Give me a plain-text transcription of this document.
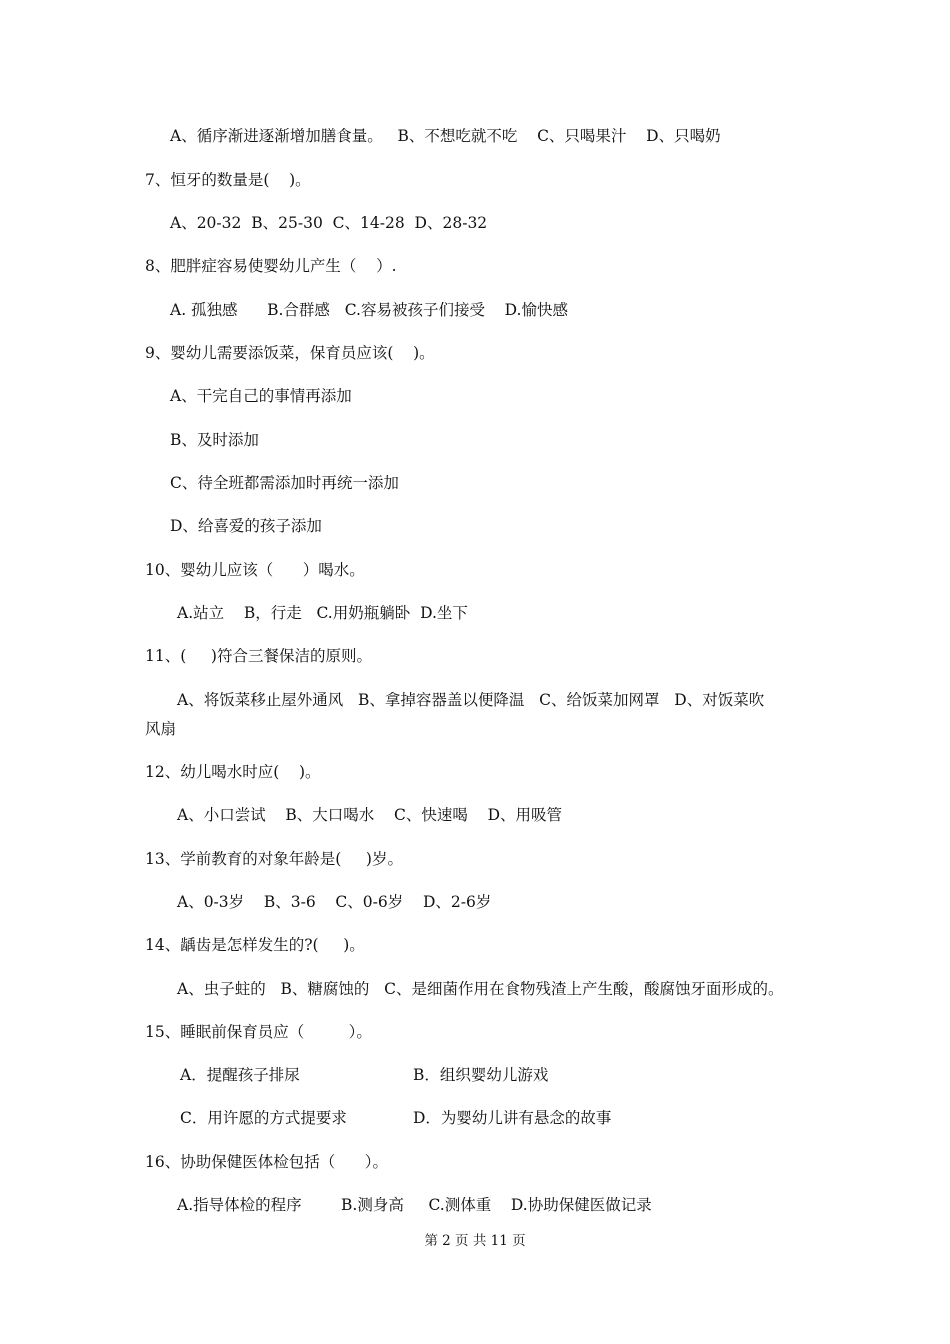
A、循序渐进逐渐增加膳食量。   B、不想吃就不吃    C、只喝果汁    D、只喝奶
7、恒牙的数量是(    )。
A、20-32  B、25-30  C、14-28  D、28-32
8、肥胖症容易使婴幼儿产生（    ）.
A. 孤独感      B.合群感   C.容易被孩子们接受    D.愉快感
9、婴幼儿需要添饭菜，保育员应该(    )。
A、干完自己的事情再添加
B、及时添加
C、待全班都需添加时再统一添加
D、给喜爱的孩子添加
10、婴幼儿应该（      ）喝水。
A.站立    B，行走   C.用奶瓶躺卧  D.坐下
11、(     )符合三餐保洁的原则。
A、将饭菜移止屋外通风   B、拿掉容器盖以便降温   C、给饭菜加网罩   D、对饭菜吹
风扇
12、幼儿喝水时应(    )。
A、小口尝试    B、大口喝水    C、快速喝    D、用吸管
13、学前教育的对象年龄是(     )岁。
A、0-3岁    B、3-6    C、0-6岁    D、2-6岁
14、龋齿是怎样发生的?(     )。
A、虫子蛀的   B、糖腐蚀的   C、是细菌作用在食物残渣上产生酸，酸腐蚀牙面形成的。
15、睡眠前保育员应（         ）。
A．提醒孩子排尿	B．组织婴幼儿游戏
C．用许愿的方式提要求	D．为婴幼儿讲有悬念的故事
16、协助保健医体检包括（      ）。
A.指导体检的程序        B.测身高     C.测体重    D.协助保健医做记录
第 2 页 共 11 页
